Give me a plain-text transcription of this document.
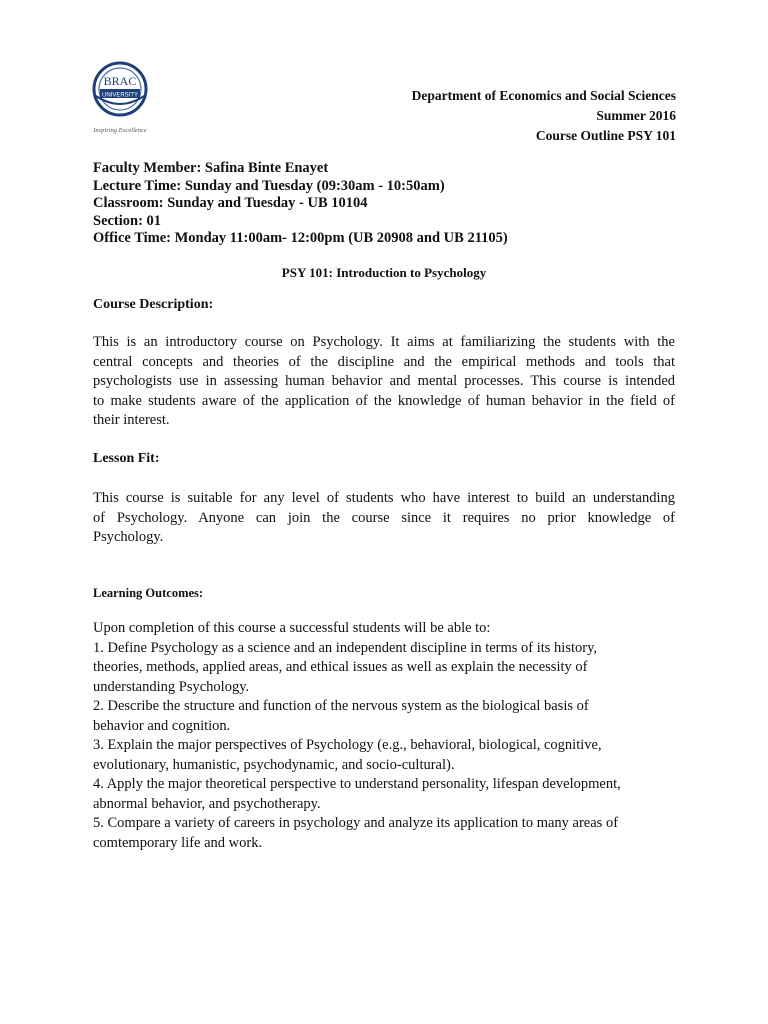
BRAC
UNIVERSITY
Inspiring Excellence
Department of Economics and Social Sciences
Summer 2016
Course Outline PSY 101
Faculty Member: Safina Binte Enayet
Lecture Time: Sunday and Tuesday (09:30am - 10:50am)
Classroom: Sunday and Tuesday - UB 10104
Section: 01
Office Time: Monday 11:00am- 12:00pm (UB 20908 and UB 21105)
PSY 101: Introduction to Psychology
Course Description:
This is an introductory course on Psychology. It aims at familiarizing the students with the
central concepts and theories of the discipline and the empirical methods and tools that
psychologists use in assessing human behavior and mental processes. This course is intended
to make students aware of the application of the knowledge of human behavior in the field of
their interest.
Lesson Fit:
This course is suitable for any level of students who have interest to build an understanding
of Psychology. Anyone can join the course since it requires no prior knowledge of
Psychology.
Learning Outcomes:
Upon completion of this course a successful students will be able to:
1. Define Psychology as a science and an independent discipline in terms of its history,
theories, methods, applied areas, and ethical issues as well as explain the necessity of
understanding Psychology.
2. Describe the structure and function of the nervous system as the biological basis of
behavior and cognition.
3. Explain the major perspectives of Psychology (e.g., behavioral, biological, cognitive,
evolutionary, humanistic, psychodynamic, and socio-cultural).
4. Apply the major theoretical perspective to understand personality, lifespan development,
abnormal behavior, and psychotherapy.
5. Compare a variety of careers in psychology and analyze its application to many areas of
comtemporary life and work.
